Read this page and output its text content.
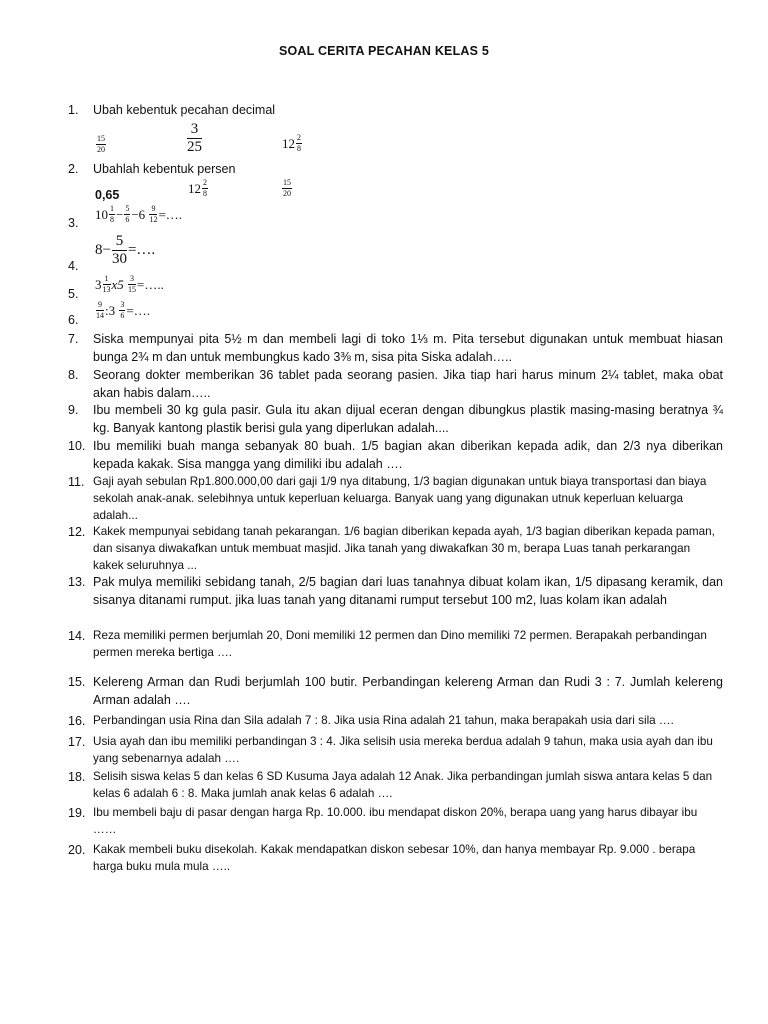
SOAL CERITA PECAHAN KELAS 5
1. Ubah kebentuk pecahan decimal
$\frac{15}{20}$	$\frac{3}{25}$	$12 \frac{2}{8}$
2. Ubahlah kebentuk persen
0,65	$12 \frac{2}{8}$	$\frac{15}{20}$
3.
$10 \frac{1}{8} - \frac{5}{6} -6 \frac{9}{12}$ =….
4.
$8- \frac{5}{30}$ =….
5.
$3 \frac{1}{13} x5 \frac{3}{15}$ =…..
6. $\frac{9}{14}$ :3 $\frac{3}{6}$ =….
7. Siska mempunyai pita 5½ m dan membeli lagi di toko 1⅓ m. Pita tersebut digunakan untuk membuat hiasan bunga 2¾ m dan untuk membungkus kado 3⅜ m, sisa pita Siska adalah…..
8. Seorang dokter memberikan 36 tablet pada seorang pasien. Jika tiap hari harus minum 2¼ tablet, maka obat akan habis dalam…..
9. Ibu membeli 30 kg gula pasir. Gula itu akan dijual eceran dengan dibungkus plastik masing-masing beratnya ¾ kg. Banyak kantong plastik berisi gula yang diperlukan adalah....
10. Ibu memiliki buah manga sebanyak 80 buah. 1/5 bagian akan diberikan kepada adik, dan 2/3 nya diberikan kepada kakak. Sisa mangga yang dimiliki ibu adalah ….
11. Gaji ayah sebulan Rp1.800.000,00 dari gaji 1/9 nya ditabung, 1/3 bagian digunakan untuk biaya transportasi dan biaya sekolah anak-anak. selebihnya untuk keperluan keluarga. Banyak uang yang digunakan utnuk keperluan keluarga adalah...
12. Kakek mempunyai sebidang tanah pekarangan. 1/6 bagian diberikan kepada ayah, 1/3 bagian diberikan kepada paman, dan sisanya diwakafkan untuk membuat masjid. Jika tanah yang diwakafkan 30 m, berapa Luas tanah perkarangan kakek seluruhnya ...
13. Pak mulya memiliki sebidang tanah, 2/5 bagian dari luas tanahnya dibuat kolam ikan, 1/5 dipasang keramik, dan sisanya ditanami rumput. jika luas tanah yang ditanami rumput tersebut 100 m2, luas kolam ikan adalah
14. Reza memiliki permen berjumlah 20, Doni memiliki 12 permen dan Dino memiliki 72 permen. Berapakah perbandingan permen mereka bertiga ….
15. Kelereng Arman dan Rudi berjumlah 100 butir. Perbandingan kelereng Arman dan Rudi 3 : 7. Jumlah kelereng Arman adalah ….
16. Perbandingan usia Rina dan Sila adalah 7 : 8. Jika usia Rina adalah 21 tahun, maka berapakah usia dari sila ….
17. Usia ayah dan ibu memiliki perbandingan 3 : 4. Jika selisih usia mereka berdua adalah 9 tahun, maka usia ayah dan ibu yang sebenarnya adalah ….
18. Selisih siswa kelas 5 dan kelas 6 SD Kusuma Jaya adalah 12 Anak. Jika perbandingan jumlah siswa antara kelas 5 dan kelas 6 adalah 6 : 8. Maka jumlah anak kelas 6 adalah ….
19. Ibu membeli baju di pasar dengan harga Rp. 10.000. ibu mendapat diskon 20%, berapa uang yang harus dibayar ibu ……
20. Kakak membeli buku disekolah. Kakak mendapatkan diskon sebesar 10%, dan hanya membayar Rp. 9.000 . berapa harga buku mula mula …..
